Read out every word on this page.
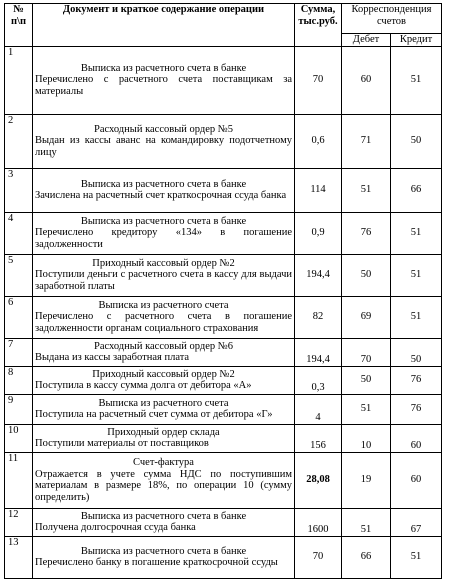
№ п\п	Документ и краткое содержание операции	Сумма, тыс.руб.	Корреспонденция счетов	
			Дебет	Кредит
1	Выписка из расчетного счета в банке
Перечислено с расчетного счета поставщикам за материалы	70	60	51
2	Расходный кассовый ордер №5
Выдан из кассы аванс на командировку подотчетному лицу	0,6	71	50
3	Выписка из расчетного счета в банке
Зачислена на расчетный счет краткосрочная ссуда банка	114	51	66
4	Выписка из расчетного счета в банке
Перечислено кредитору «134» в погашение задолженности	0,9	76	51
5	Приходный кассовый ордер №2
Поступили деньги с расчетного счета в кассу для выдачи заработной платы	194,4	50	51
6	Выписка из расчетного счета
Перечислено с расчетного счета в погашение задолженности органам социального страхования	82	69	51
7	Расходный кассовый ордер №6
Выдана из кассы заработная плата	194,4	70	50
8	Приходный кассовый ордер №2
Поступила в кассу сумма долга от дебитора «А»	0,3	50	76
9	Выписка из расчетного счета
Поступила на расчетный счет сумма от дебитора «Г»	4	51	76
10	Приходный ордер склада
Поступили материалы от поставщиков	156	10	60
11	Счет-фактура
Отражается в учете сумма НДС по поступившим материалам в размере 18%, по операции 10 (сумму определить)	28,08	19	60
12	Выписка из расчетного счета в банке
Получена долгосрочная ссуда банка	1600	51	67
13	Выписка из расчетного счета в банке
Перечислено банку в погашение краткосрочной ссуды	70	66	51
